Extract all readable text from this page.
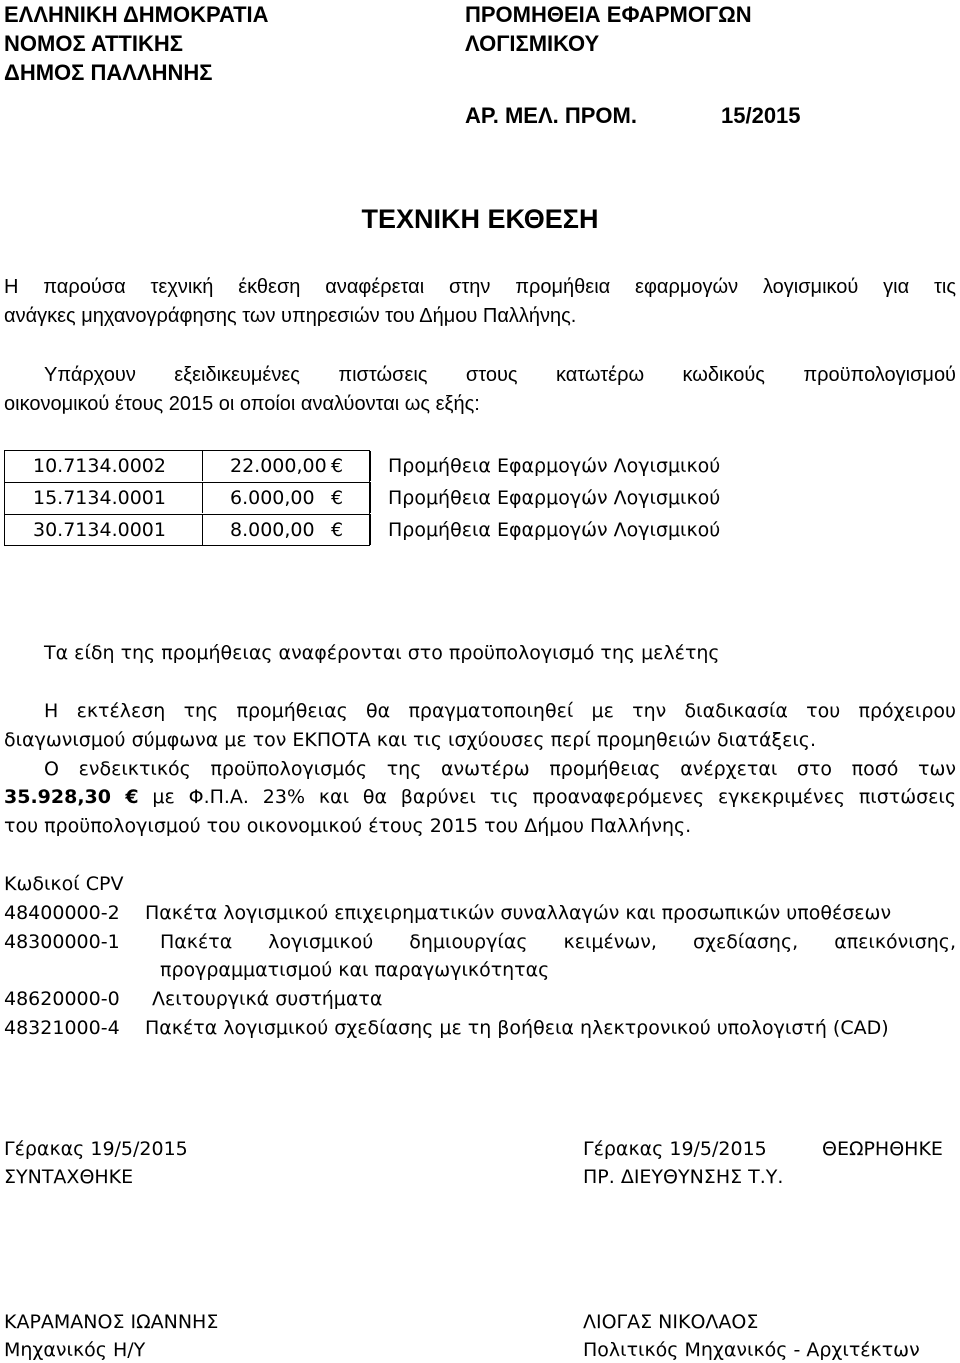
ΕΛΛΗΝΙΚΗ ΔΗΜΟΚΡΑΤΙΑ
ΝΟΜΟΣ ΑΤΤΙΚΗΣ
ΔΗΜΟΣ ΠΑΛΛΗΝΗΣ
ΠΡΟΜΗΘΕΙΑ ΕΦΑΡΜΟΓΩΝ
ΛΟΓΙΣΜΙΚΟΥ
ΑΡ. ΜΕΛ. ΠΡΟΜ.	15/2015
ΤΕΧΝΙΚΗ ΕΚΘΕΣΗ
Η παρούσα τεχνική έκθεση αναφέρεται στην προμήθεια εφαρμογών λογισμικού για τις
ανάγκες μηχανογράφησης των υπηρεσιών του Δήμου Παλλήνης.
Υπάρχουν εξειδικευμένες πιστώσεις στους κατωτέρω κωδικούς προϋπολογισμού
οικονομικού έτους 2015 οι οποίοι αναλύονται ως εξής:
10.7134.0002	22.000,00 € Προμήθεια Εφαρμογών Λογισμικού
15.7134.0001	6.000,00 € Προμήθεια Εφαρμογών Λογισμικού
30.7134.0001	8.000,00 € Προμήθεια Εφαρμογών Λογισμικού
Τα είδη της προμήθειας αναφέρονται στο προϋπολογισμό της μελέτης
Η εκτέλεση της προμήθειας θα πραγματοποιηθεί με την διαδικασία του πρόχειρου
διαγωνισμού σύμφωνα με τον ΕΚΠΟΤΑ και τις ισχύουσες περί προμηθειών διατάξεις.
Ο ενδεικτικός προϋπολογισμός της ανωτέρω προμήθειας ανέρχεται στο ποσό των
35.928,30 € με Φ.Π.Α. 23% και θα βαρύνει τις προαναφερόμενες εγκεκριμένες πιστώσεις
του προϋπολογισμού του οικονομικού έτους 2015 του Δήμου Παλλήνης.
Κωδικοί CPV
48400000-2 Πακέτα λογισμικού επιχειρηματικών συναλλαγών και προσωπικών υποθέσεων
48300000-1 Πακέτα λογισμικού δημιουργίας κειμένων, σχεδίασης, απεικόνισης,
προγραμματισμού και παραγωγικότητας
48620000-0 Λειτουργικά συστήματα
48321000-4 Πακέτα λογισμικού σχεδίασης με τη βοήθεια ηλεκτρονικού υπολογιστή (CAD)
Γέρακας 19/5/2015
ΣΥΝΤΑΧΘΗΚΕ
Γέρακας 19/5/2015	ΘΕΩΡΗΘΗΚΕ
ΠΡ. ΔΙΕΥΘΥΝΣΗΣ Τ.Υ.
ΚΑΡΑΜΑΝΟΣ ΙΩΑΝΝΗΣ
Μηχανικός Η/Υ
ΛΙΟΓΑΣ ΝΙΚΟΛΑΟΣ
Πολιτικός Μηχανικός - Αρχιτέκτων
